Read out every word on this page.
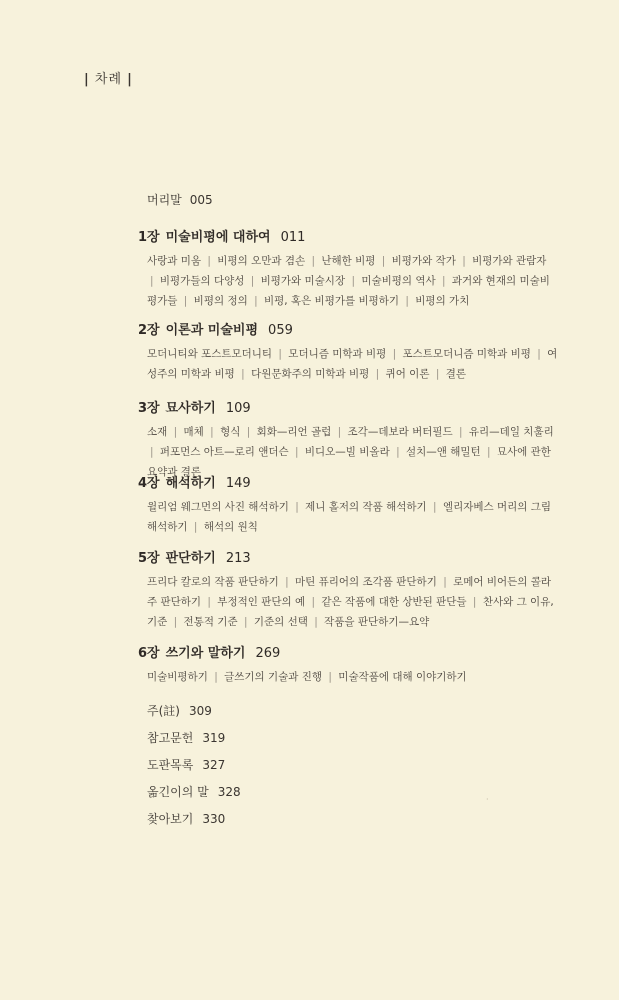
| 차례 |
머리말 005
1장 미술비평에 대하여 011
사랑과 미움 | 비평의 오만과 겸손 | 난해한 비평 | 비평가와 작가 | 비평가와 관람자 | 비평가들의 다양성 | 비평가와 미술시장 | 미술비평의 역사 | 과거와 현재의 미술비평가들 | 비평의 정의 | 비평, 혹은 비평가를 비평하기 | 비평의 가치
2장 이론과 미술비평 059
모더니티와 포스트모더니티 | 모더니즘 미학과 비평 | 포스트모더니즘 미학과 비평 | 여성주의 미학과 비평 | 다원문화주의 미학과 비평 | 퀴어 이론 | 결론
3장 묘사하기 109
소재 | 매체 | 형식 | 회화—리언 골럽 | 조각—데보라 버터필드 | 유리—데일 치훌리 | 퍼포먼스 아트—로리 앤더슨 | 비디오—빌 비올라 | 설치—앤 해밀턴 | 묘사에 관한 요약과 결론
4장 해석하기 149
윌리엄 웨그먼의 사진 해석하기 | 제니 홀저의 작품 해석하기 | 엘리자베스 머리의 그림 해석하기 | 해석의 원칙
5장 판단하기 213
프리다 칼로의 작품 판단하기 | 마틴 퓨리어의 조각품 판단하기 | 로메어 비어든의 콜라주 판단하기 | 부정적인 판단의 예 | 같은 작품에 대한 상반된 판단들 | 찬사와 그 이유, 기준 | 전통적 기준 | 기준의 선택 | 작품을 판단하기—요약
6장 쓰기와 말하기 269
미술비평하기 | 글쓰기의 기술과 진행 | 미술작품에 대해 이야기하기
주(註) 309
참고문헌 319
도판목록 327
옮긴이의 말 328
찾아보기 330
·
